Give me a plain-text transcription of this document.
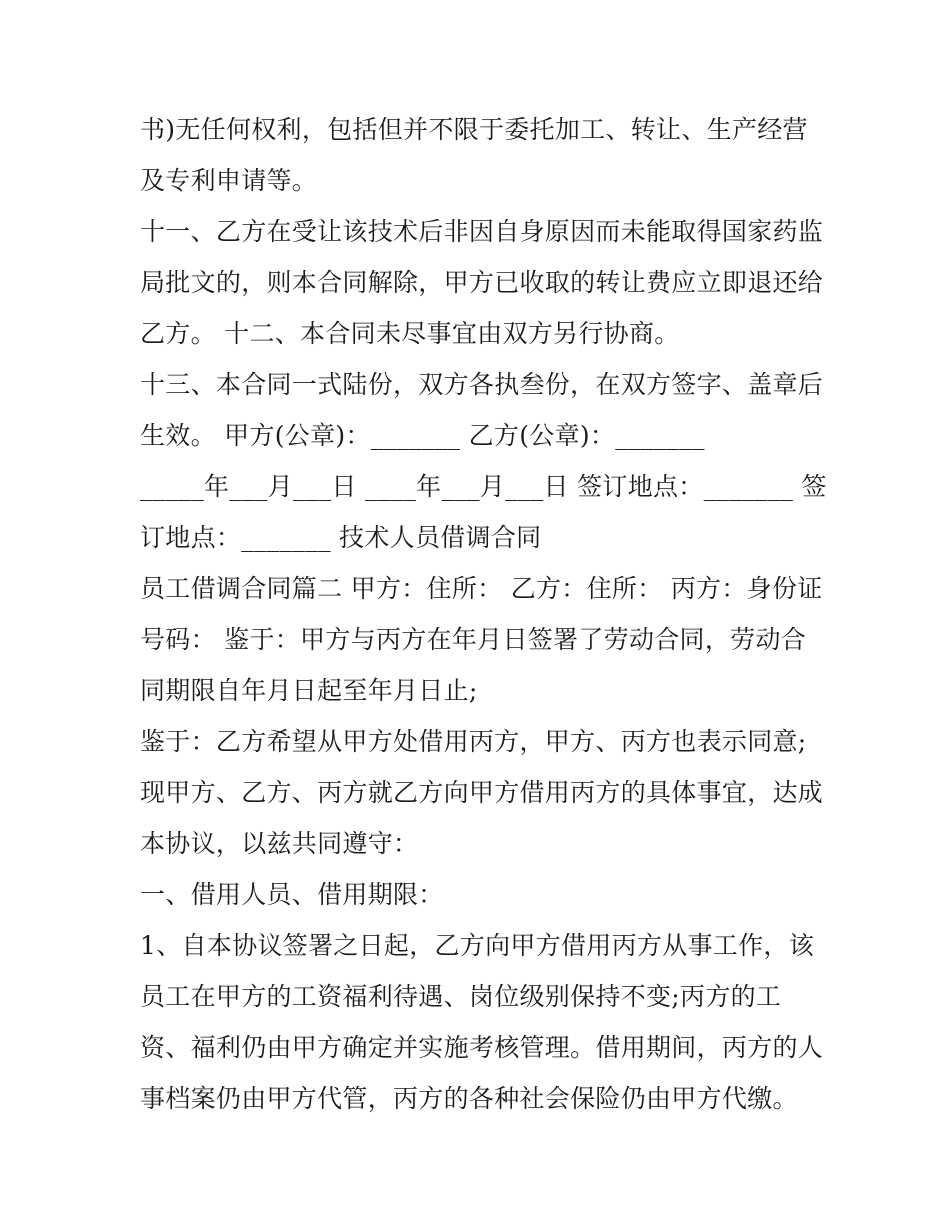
书)无任何权利，包括但并不限于委托加工、转让、生产经营
及专利申请等。
十一、乙方在受让该技术后非因自身原因而未能取得国家药监
局批文的，则本合同解除，甲方已收取的转让费应立即退还给
乙方。 十二、本合同未尽事宜由双方另行协商。
十三、本合同一式陆份，双方各执叁份，在双方签字、盖章后
生效。 甲方(公章)：_______ 乙方(公章)：_______
_____年___月___日 ____年___月___日 签订地点：_______ 签
订地点：_______ 技术人员借调合同
员工借调合同篇二 甲方：住所： 乙方：住所： 丙方：身份证
号码： 鉴于：甲方与丙方在年月日签署了劳动合同，劳动合
同期限自年月日起至年月日止;
鉴于：乙方希望从甲方处借用丙方，甲方、丙方也表示同意;
现甲方、乙方、丙方就乙方向甲方借用丙方的具体事宜，达成
本协议，以兹共同遵守：
一、借用人员、借用期限：
1、自本协议签署之日起，乙方向甲方借用丙方从事工作，该
员工在甲方的工资福利待遇、岗位级别保持不变;丙方的工
资、福利仍由甲方确定并实施考核管理。借用期间，丙方的人
事档案仍由甲方代管，丙方的各种社会保险仍由甲方代缴。
